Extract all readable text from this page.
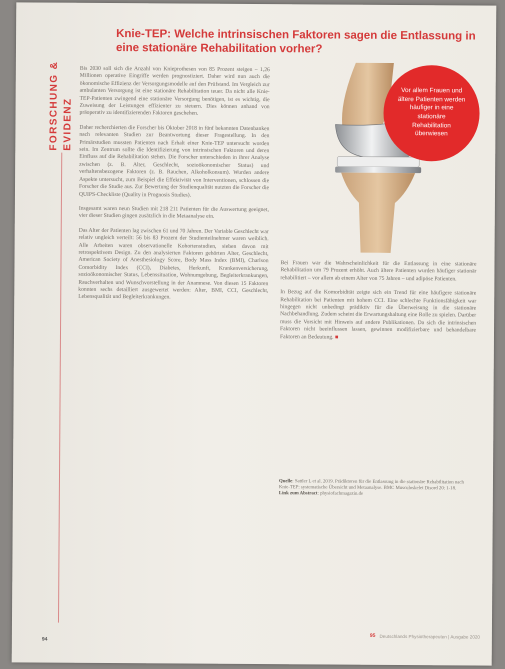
FORSCHUNG & EVIDENZ
Knie-TEP: Welche intrinsischen Faktoren sagen die Entlassung in eine stationäre Rehabilitation vorher?

Bis 2030 soll sich die Anzahl von Knieprothesen von 85 Prozent steigen – 1,26 Millionen operative Eingriffe werden prognostiziert. Daher wird nun auch die ökonomische Effizienz der Versorgungsmodelle auf den Prüfstand. Im Vergleich zur ambulanten Versorgung ist eine stationäre Rehabilitation teuer. Da nicht alle Knie-TEP-Patienten zwingend eine stationäre Versorgung benötigen, ist es wichtig, die Zuweisung der Leistungen effizienter zu steuern. Dies können anhand von präoperativ zu identifizierenden Faktoren geschehen.

Daher recherchierten die Forscher bis Oktober 2018 in fünf bekannten Datenbanken nach relevanten Studien zur Beantwortung dieser Fragestellung. In den Primärstudien mussten Patienten nach Erhalt einer Knie-TEP untersucht worden sein. Im Zentrum sollte die Identifizierung von intrinsischen Faktoren und deren Einfluss auf die Rehabilitation stehen. Die Forscher unterschieden in ihrer Analyse zwischen (z. B. Alter, Geschlecht, sozioökonomischer Status) und verhaltensbezogene Faktoren (z. B. Rauchen, Alkoholkonsum). Wurden andere Aspekte untersucht, zum Beispiel die Effektivität von Interventionen, schlossen die Forscher die Studie aus. Zur Bewertung der Studienqualität nutzten die Forscher die QUIPS-Checkliste (Quality in Prognosis Studies).

Insgesamt waren neun Studien mit 218 211 Patienten für die Auswertung geeignet, vier dieser Studien gingen zusätzlich in die Metaanalyse ein.

Das Alter der Patienten lag zwischen 61 und 70 Jahren. Der Variable Geschlecht war relativ ungleich verteilt: 56 bis 83 Prozent der Studienteilnehmer waren weiblich. Alle Arbeiten waren observationelle Kohortenstudien, sieben davon mit retrospektivem Design. Zu den analysierten Faktoren gehörten Alter, Geschlecht, American Society of Anesthesiology Score, Body Mass Index (BMI), Charlson Comorbidity Index (CCI), Diabetes, Herkunft, Krankenversicherung, sozioökonomischer Status, Lebenssituation, Wohnumgebung, Begleiterkrankungen, Rauchverhalten und Wunschvorstellung in der Anamnese. Von diesen 15 Faktoren konnten sechs detailliert ausgewertet werden: Alter, BMI, CCI, Geschlecht, Lebensqualität und Begleiterkrankungen.

Vor allem Frauen und ältere Patienten werden häufiger in eine stationäre Rehabilitation überwiesen

Bei Frauen war die Wahrscheinlichkeit für die Entlassung in eine stationäre Rehabilitation um 79 Prozent erhöht. Auch ältere Patienten wurden häufiger stationär rehabilitiert – vor allem ab einem Alter von 75 Jahren – und adipöse Patienten.

In Bezug auf die Komorbidität zeigte sich ein Trend für eine häufigere stationäre Rehabilitation bei Patienten mit hohem CCI. Eine schlechte Funktionsfähigkeit war hingegen nicht unbedingt prädiktiv für die Überweisung in die stationäre Nachbehandlung. Zudem scheint die Erwartungshaltung eine Rolle zu spielen. Darüber muss die Vorsicht mit Hinweis auf andere Publikationen. Da sich die intrinsischen Faktoren nicht beeinflussen lassen, gewinnen modifizierbare und behandelbare Faktoren an Bedeutung. ■

Quelle: Sattler L et al. 2019. Prädiktoren für die Entlassung in die stationäre Rehabilitation nach Knie-TEP: systematische Übersicht und Metaanalyse. BMC Musculoskelet Disord 20: 1-18.
Link zum Abstract: physiofachmagazin.de
95 Deutschlands Physiotherapeuten | Ausgabe 2020
94
